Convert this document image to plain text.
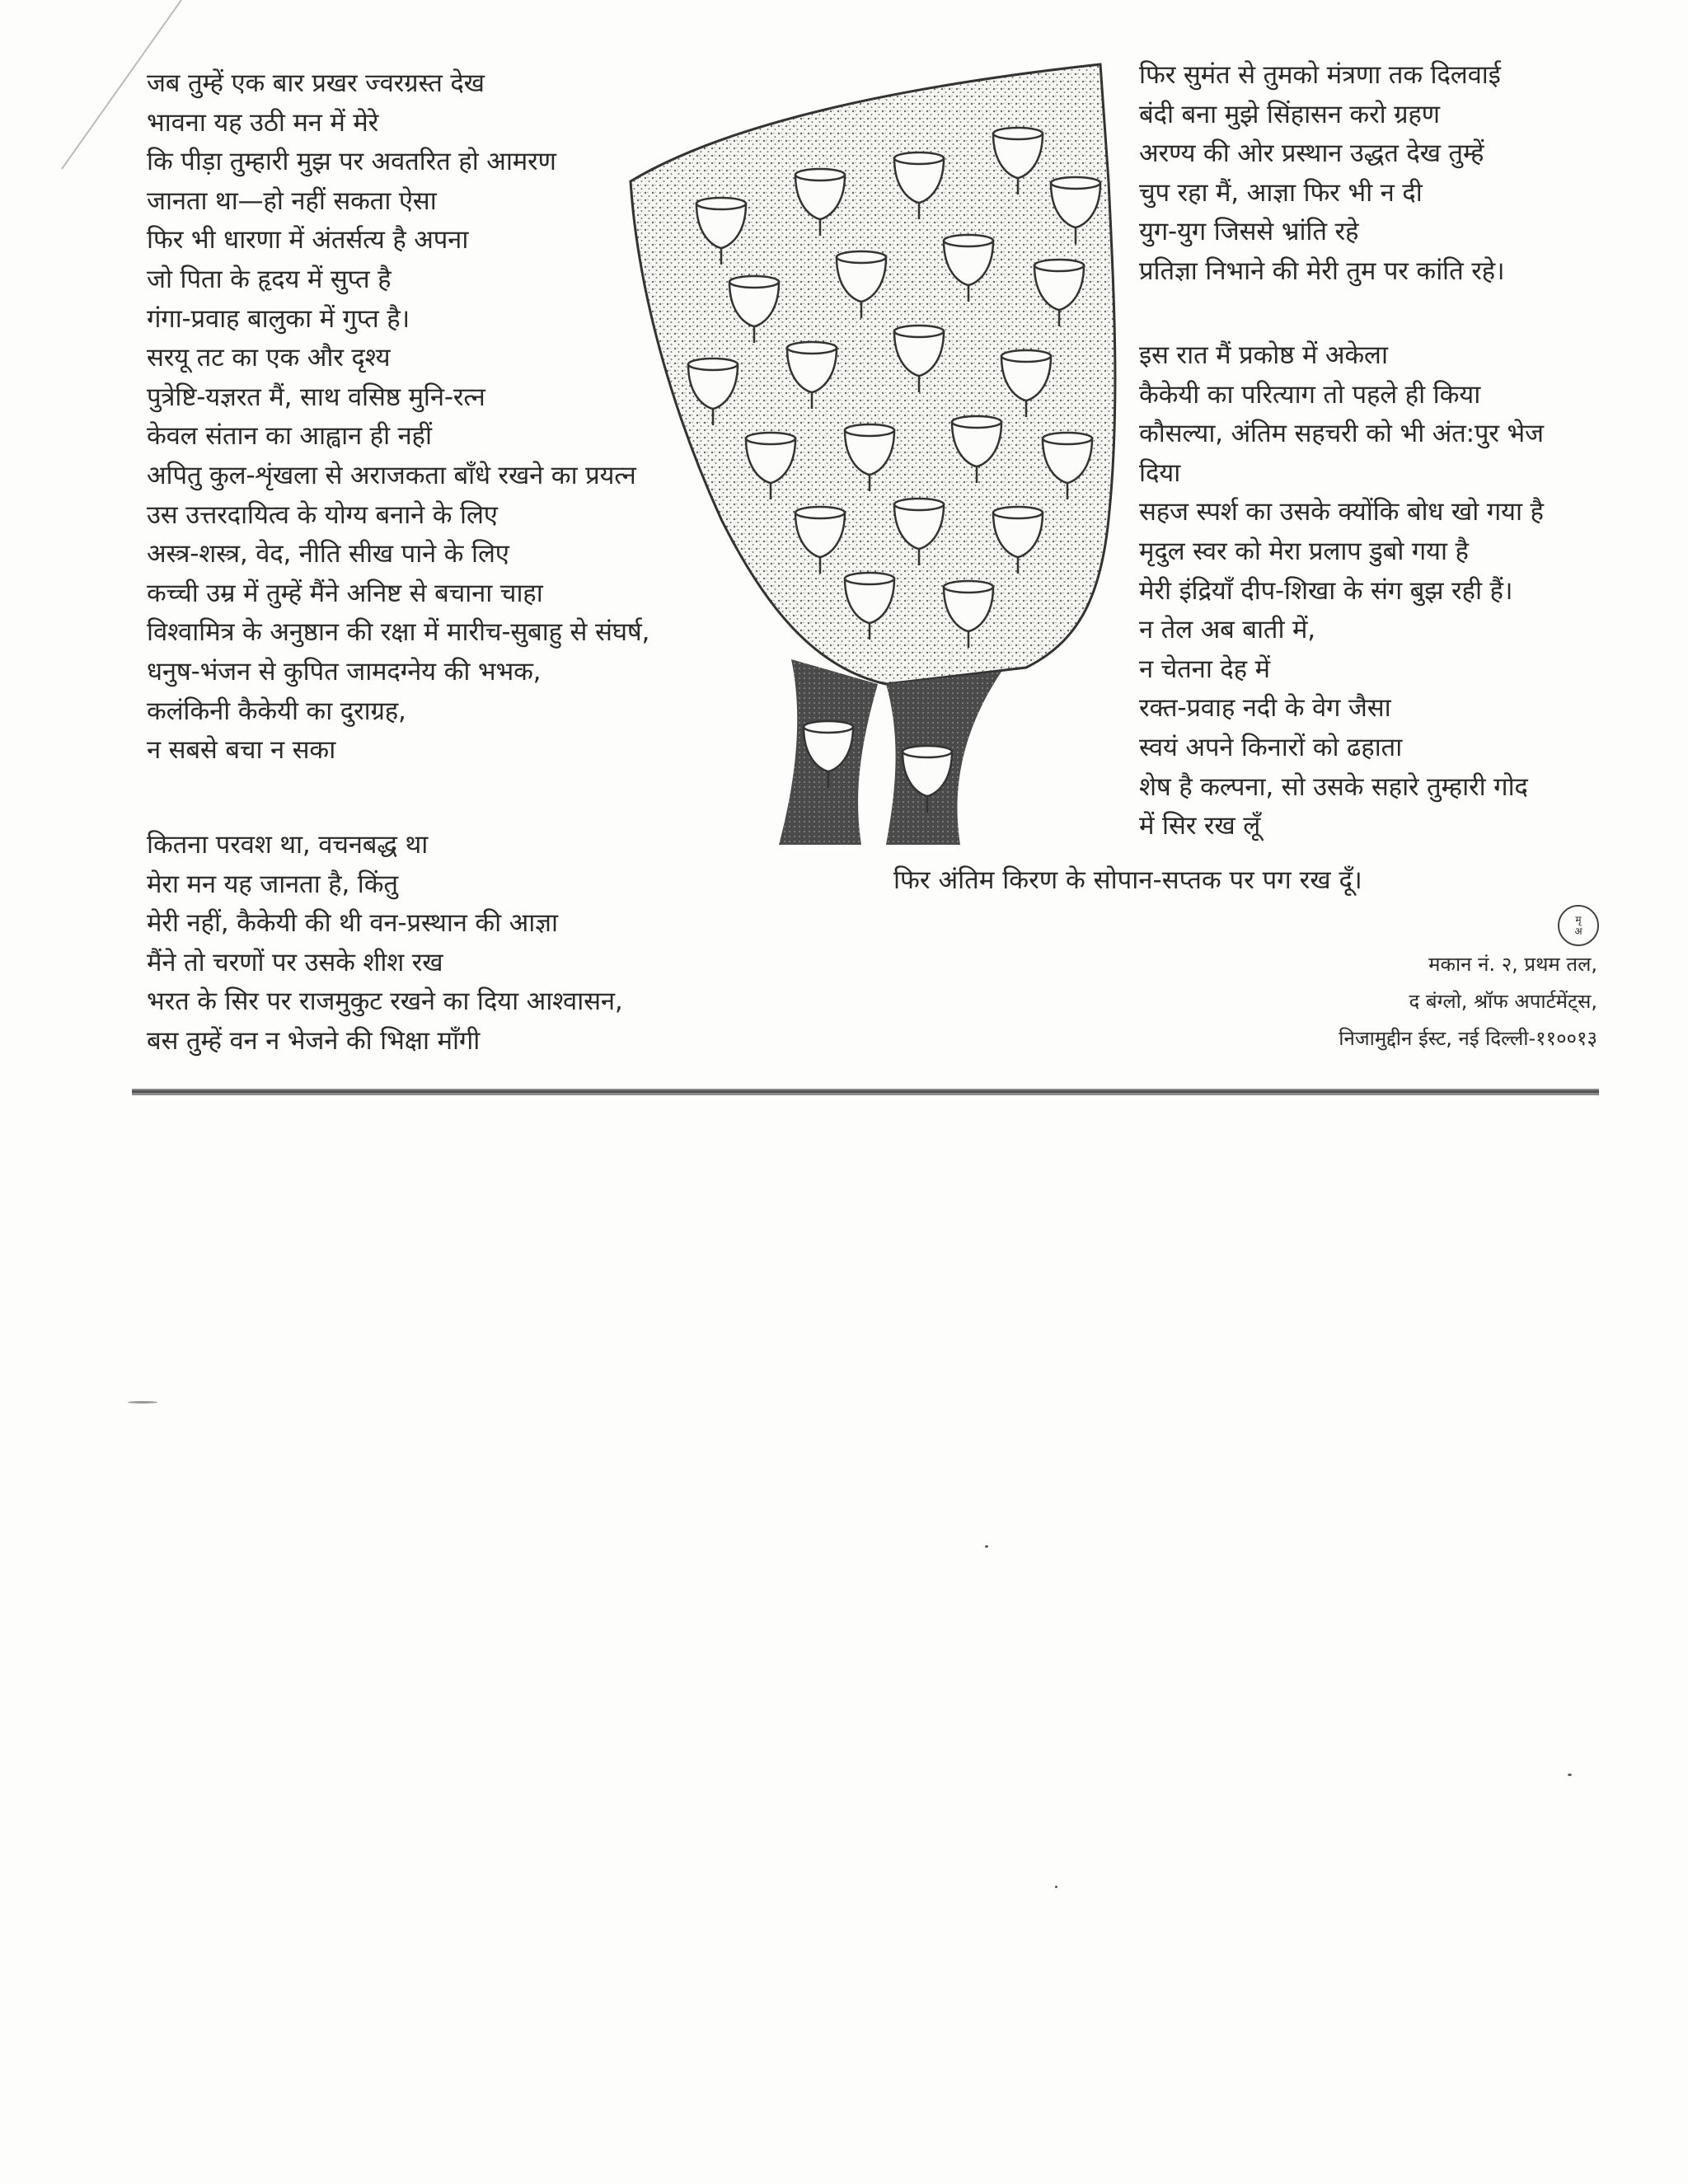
जब तुम्हें एक बार प्रखर ज्वरग्रस्त देख
भावना यह उठी मन में मेरे
कि पीड़ा तुम्हारी मुझ पर अवतरित हो आमरण
जानता था—हो नहीं सकता ऐसा
फिर भी धारणा में अंतर्सत्य है अपना
जो पिता के हृदय में सुप्त है
गंगा-प्रवाह बालुका में गुप्त है।
सरयू तट का एक और दृश्य
पुत्रेष्टि-यज्ञरत मैं, साथ वसिष्ठ मुनि-रत्न
केवल संतान का आह्वान ही नहीं
अपितु कुल-शृंखला से अराजकता बाँधे रखने का प्रयत्न
उस उत्तरदायित्व के योग्य बनाने के लिए
अस्त्र-शस्त्र, वेद, नीति सीख पाने के लिए
कच्ची उम्र में तुम्हें मैंने अनिष्ट से बचाना चाहा
विश्वामित्र के अनुष्ठान की रक्षा में मारीच-सुबाहु से संघर्ष,
धनुष-भंजन से कुपित जामदग्नेय की भभक,
कलंकिनी कैकेयी का दुराग्रह,
न सबसे बचा न सका
कितना परवश था, वचनबद्ध था
मेरा मन यह जानता है, किंतु
मेरी नहीं, कैकेयी की थी वन-प्रस्थान की आज्ञा
मैंने तो चरणों पर उसके शीश रख
भरत के सिर पर राजमुकुट रखने का दिया आश्वासन,
बस तुम्हें वन न भेजने की भिक्षा माँगी
फिर सुमंत से तुमको मंत्रणा तक दिलवाई
बंदी बना मुझे सिंहासन करो ग्रहण
अरण्य की ओर प्रस्थान उद्धत देख तुम्हें
चुप रहा मैं, आज्ञा फिर भी न दी
युग-युग जिससे भ्रांति रहे
प्रतिज्ञा निभाने की मेरी तुम पर कांति रहे।
इस रात मैं प्रकोष्ठ में अकेला
कैकेयी का परित्याग तो पहले ही किया
कौसल्या, अंतिम सहचरी को भी अंत:पुर भेज
दिया
सहज स्पर्श का उसके क्योंकि बोध खो गया है
मृदुल स्वर को मेरा प्रलाप डुबो गया है
मेरी इंद्रियाँ दीप-शिखा के संग बुझ रही हैं।
न तेल अब बाती में,
न चेतना देह में
रक्त-प्रवाह नदी के वेग जैसा
स्वयं अपने किनारों को ढहाता
शेष है कल्पना, सो उसके सहारे तुम्हारी गोद
में सिर रख लूँ
फिर अंतिम किरण के सोपान-सप्तक पर पग रख दूँ।
मृ
अ
मकान नं. २, प्रथम तल,
द बंग्लो, श्रॉफ अपार्टमेंट्स,
निजामुद्दीन ईस्ट, नई दिल्ली-११००१३
